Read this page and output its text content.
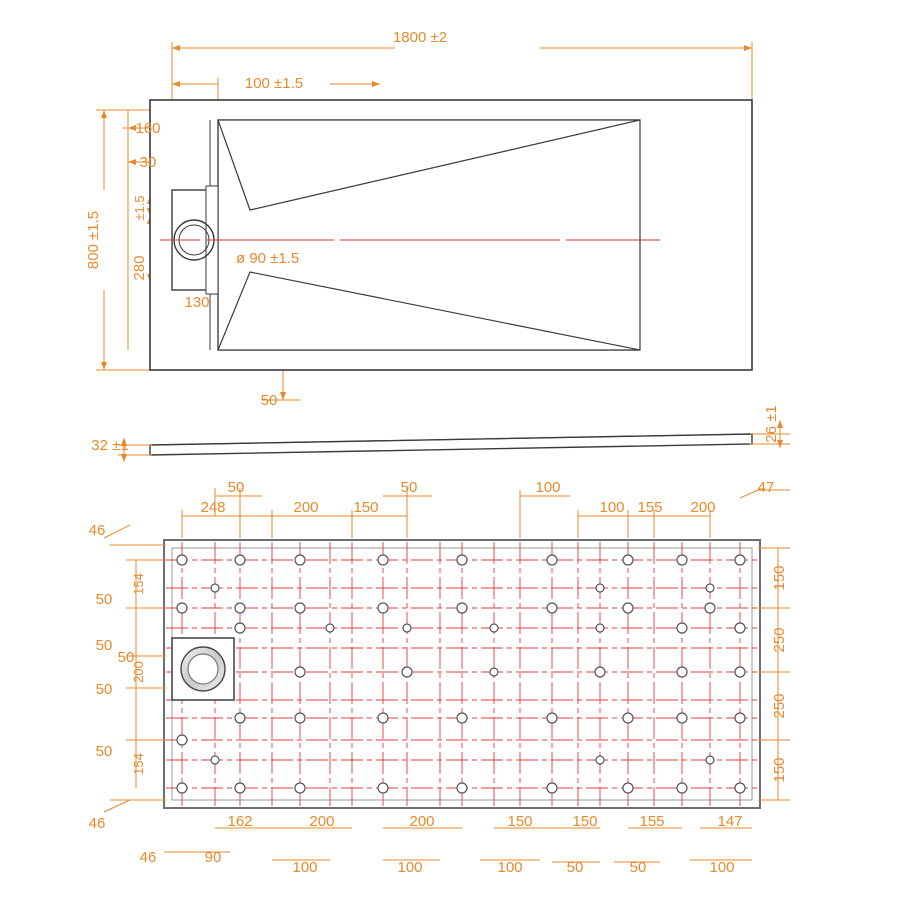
1800 ±2
100 ±1.5
160
30
800 ±1.5
±1.5
280
130
50
ø 90 ±1.5
32 ±1
26 ±1
50	50	100
100 155 200
47
248	200 150
46
50
50
50
50
50
46
154
200
154
150
250
250
150
162	200	200	150	150	155	147
46	90
100	100	100	50	50	100
